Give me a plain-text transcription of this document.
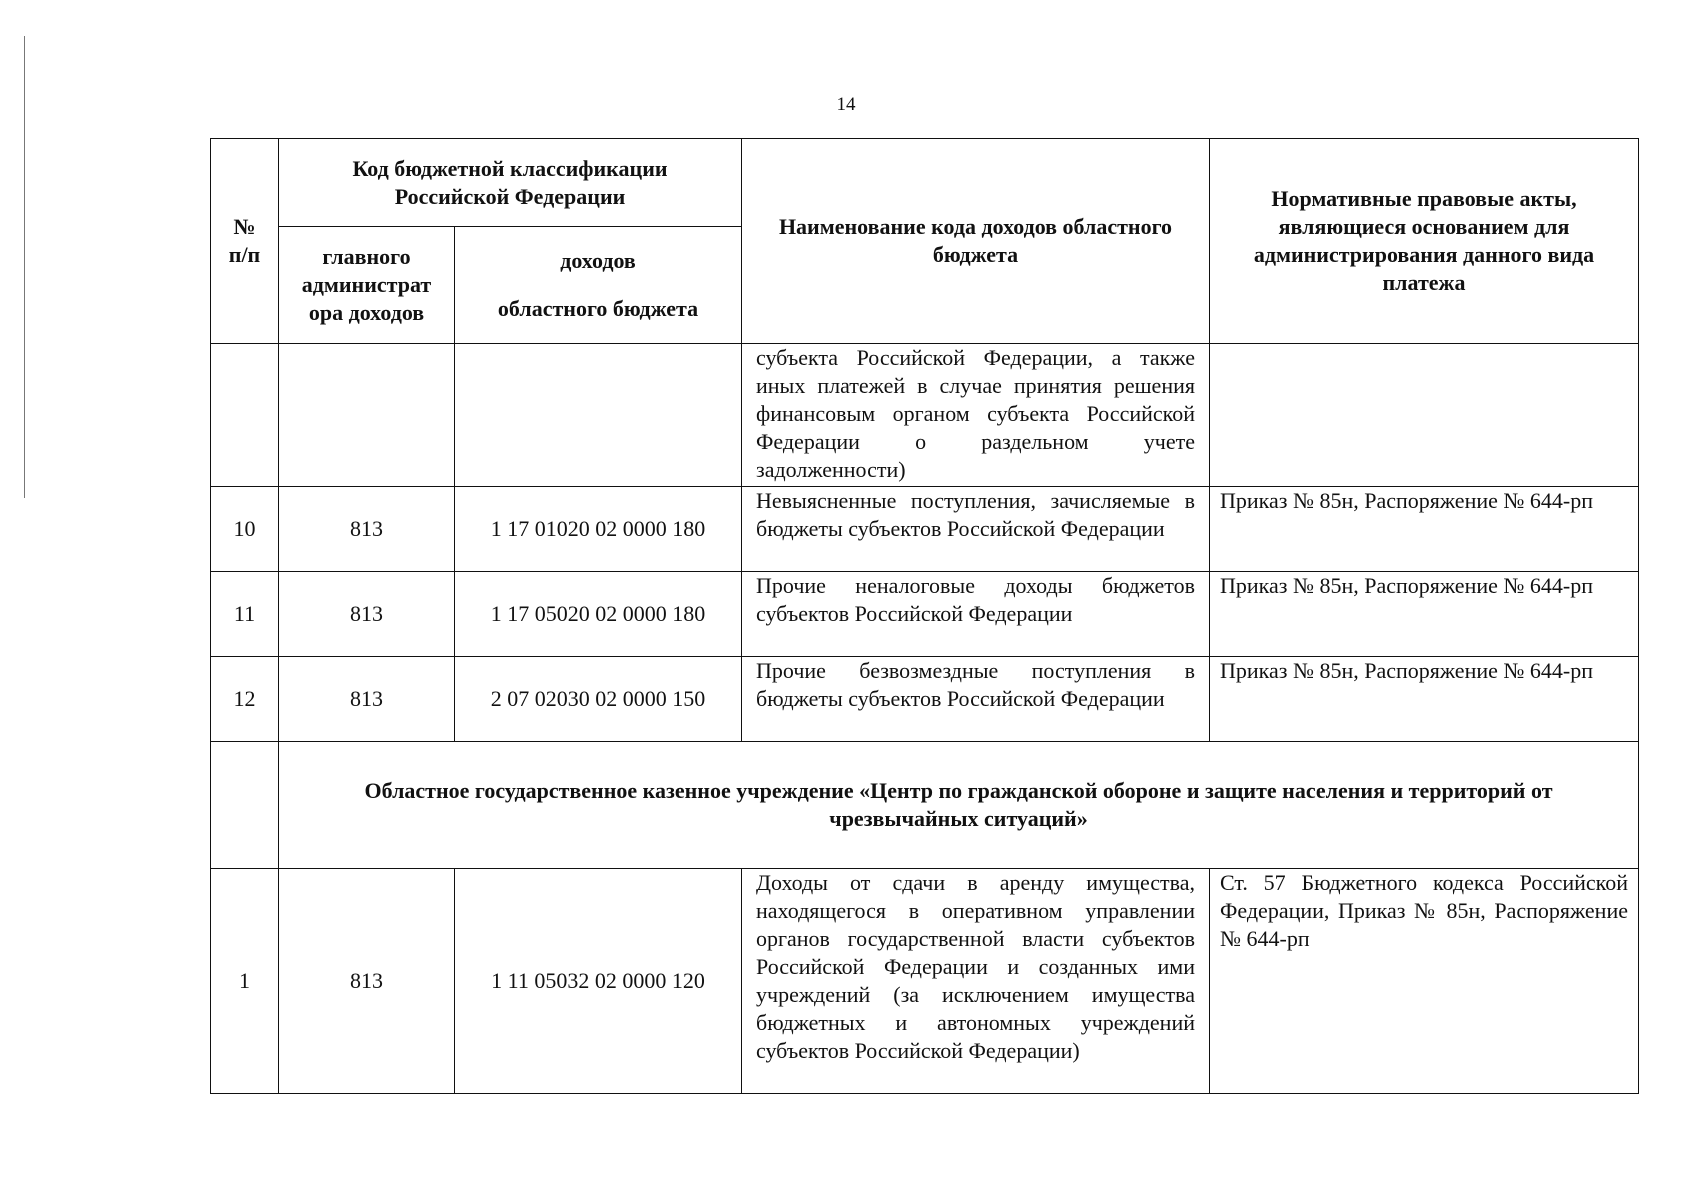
14
№ п/п	Код бюджетной классификации Российской Федерации		Наименование кода доходов областного бюджета	Нормативные правовые акты, являющиеся основанием для администрирования данного вида платежа
	главного администрат ора доходов	доходов
областного бюджета		

			субъекта Российской Федерации, а также иных платежей в случае принятия решения финансовым органом субъекта Российской Федерации о раздельном учете задолженности)	
10	813	1 17 01020 02 0000 180	Невыясненные поступления, зачисляемые в бюджеты субъектов Российской Федерации	Приказ № 85н, Распоряжение № 644-рп
11	813	1 17 05020 02 0000 180	Прочие неналоговые доходы бюджетов субъектов Российской Федерации	Приказ № 85н, Распоряжение № 644-рп
12	813	2 07 02030 02 0000 150	Прочие безвозмездные поступления в бюджеты субъектов Российской Федерации	Приказ № 85н, Распоряжение № 644-рп
	Областное государственное казенное учреждение «Центр по гражданской обороне и защите населения и территорий от чрезвычайных ситуаций»			
1	813	1 11 05032 02 0000 120	Доходы от сдачи в аренду имущества, находящегося в оперативном управлении органов государственной власти субъектов Российской Федерации и созданных ими учреждений (за исключением имущества бюджетных и автономных учреждений субъектов Российской Федерации)	Ст. 57 Бюджетного кодекса Российской Федерации, Приказ № 85н, Распоряжение № 644-рп
